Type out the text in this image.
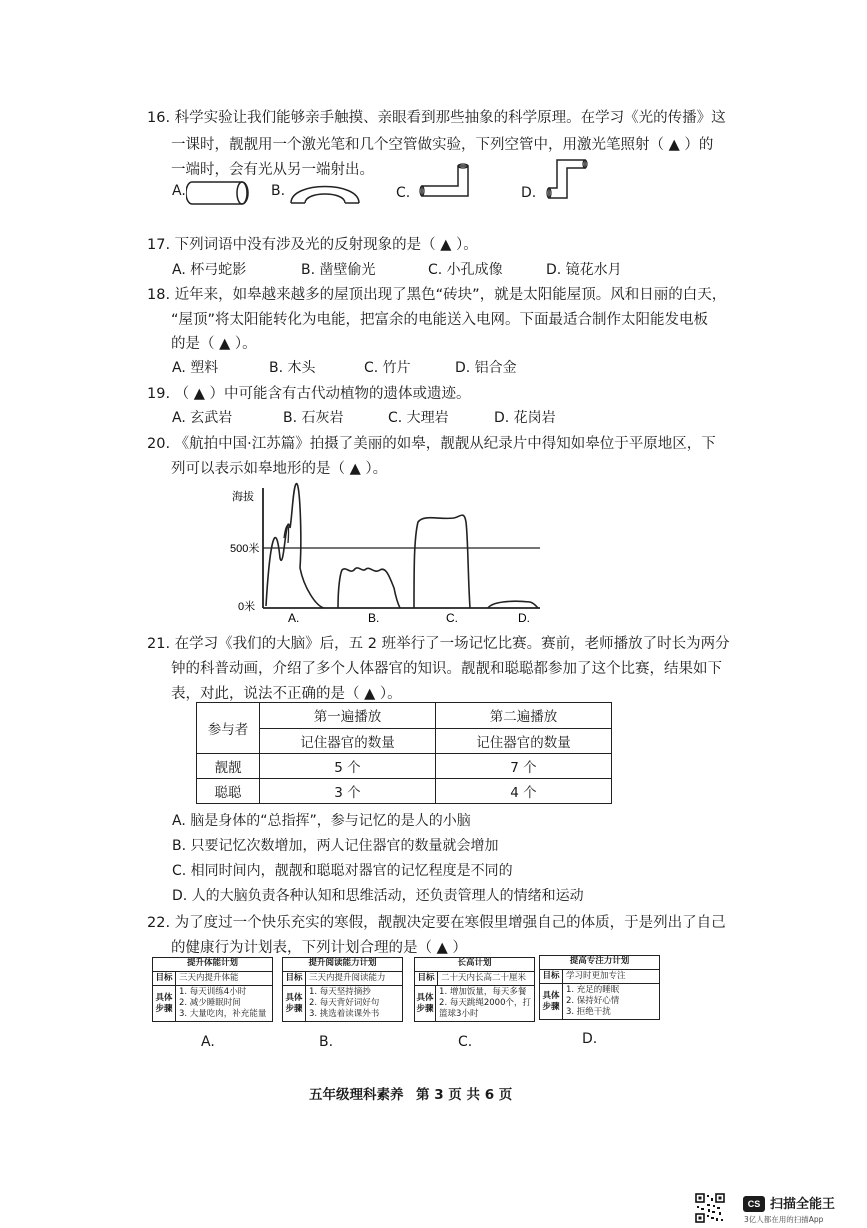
16. 科学实验让我们能够亲手触摸、亲眼看到那些抽象的科学原理。在学习《光的传播》这
一课时，靓靓用一个激光笔和几个空管做实验，下列空管中，用激光笔照射（ ▲ ）的
一端时，会有光从另一端射出。
A.	B.	C.	D.
17. 下列词语中没有涉及光的反射现象的是（ ▲ ）。
A. 杯弓蛇影	B. 凿壁偷光	C. 小孔成像	D. 镜花水月
18. 近年来，如皋越来越多的屋顶出现了黑色“砖块”，就是太阳能屋顶。风和日丽的白天，
“屋顶”将太阳能转化为电能，把富余的电能送入电网。下面最适合制作太阳能发电板
的是（ ▲ ）。
A. 塑料	B. 木头	C. 竹片	D. 铝合金
19. （ ▲ ）中可能含有古代动植物的遗体或遗迹。
A. 玄武岩	B. 石灰岩	C. 大理岩	D. 花岗岩
20. 《航拍中国·江苏篇》拍摄了美丽的如皋，靓靓从纪录片中得知如皋位于平原地区，下
列可以表示如皋地形的是（ ▲ ）。
海拔
500米
0米
A.	B.	C.	D.
21. 在学习《我们的大脑》后，五 2 班举行了一场记忆比赛。赛前，老师播放了时长为两分
钟的科普动画，介绍了多个人体器官的知识。靓靓和聪聪都参加了这个比赛，结果如下
表，对此，说法不正确的是（ ▲ ）。
参与者	第一遍播放	第二遍播放
	记住器官的数量	记住器官的数量
靓靓	5 个	7 个
聪聪	3 个	4 个
A. 脑是身体的“总指挥”，参与记忆的是人的小脑
B. 只要记忆次数增加，两人记住器官的数量就会增加
C. 相同时间内，靓靓和聪聪对器官的记忆程度是不同的
D. 人的大脑负责各种认知和思维活动，还负责管理人的情绪和运动
22. 为了度过一个快乐充实的寒假，靓靓决定要在寒假里增强自己的体质，于是列出了自己
的健康行为计划表，下列计划合理的是（ ▲ ）
提升体能计划
目标 三天内提升体能
具体步骤
1. 每天训练4小时
2. 减少睡眠时间
3. 大量吃肉，补充能量
提升阅读能力计划
目标 三天内提升阅读能力
具体步骤
1. 每天坚持摘抄
2. 每天背好词好句
3. 挑选着读课外书
长高计划
目标 二十天内长高二十厘米
具体步骤
1. 增加饭量，每天多餐
2. 每天跳绳2000个，打
篮球3小时
提高专注力计划
目标 学习时更加专注
具体步骤
1. 充足的睡眠
2. 保持好心情
3. 拒绝干扰
A.	B.	C.	D.
五年级理科素养 第 3 页 共 6 页
CS 扫描全能王
3亿人都在用的扫描App
